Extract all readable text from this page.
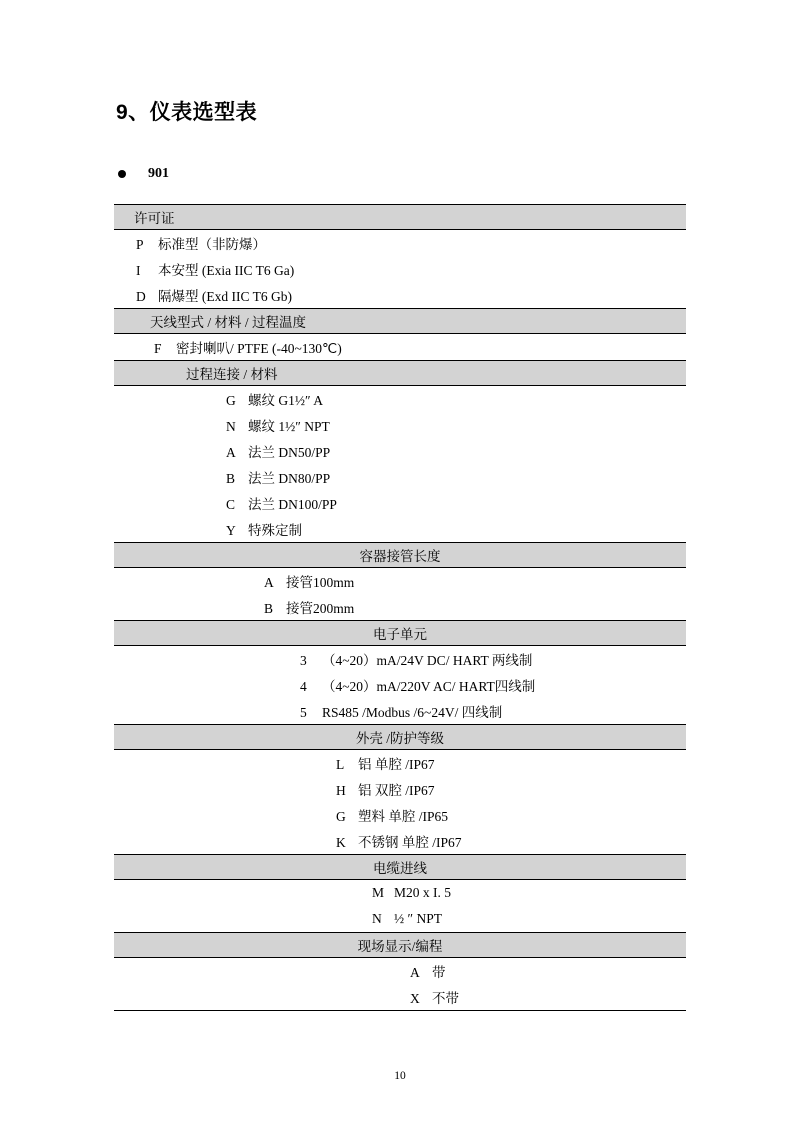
9、仪表选型表
901
许可证

P	标准型（非防爆）

I	本安型 (Exia IIC T6 Ga)

D 隔爆型 (Exd IIC T6 Gb)

天线型式 / 材料 / 过程温度

F	密封喇叭/ PTFE (-40~130℃)

过程连接 / 材料

G 螺纹 G1½″ A

N 螺纹 1½″ NPT

A 法兰 DN50/PP

B 法兰 DN80/PP

C 法兰 DN100/PP

Y 特殊定制

容器接管长度

A 接管100mm

B 接管200mm

电子单元

3	（4~20）mA/24V DC/ HART 两线制

4	（4~20）mA/220V AC/ HART四线制

5	RS485 /Modbus /6~24V/ 四线制

外壳 /防护等级

L	铝 单腔 /IP67

H 铝 双腔 /IP67

G 塑料 单腔 /IP65

K 不锈钢 单腔 /IP67

电缆进线

M M20 x I. 5

N ½ ″ NPT

现场显示/编程

A 带

X 不带
10
